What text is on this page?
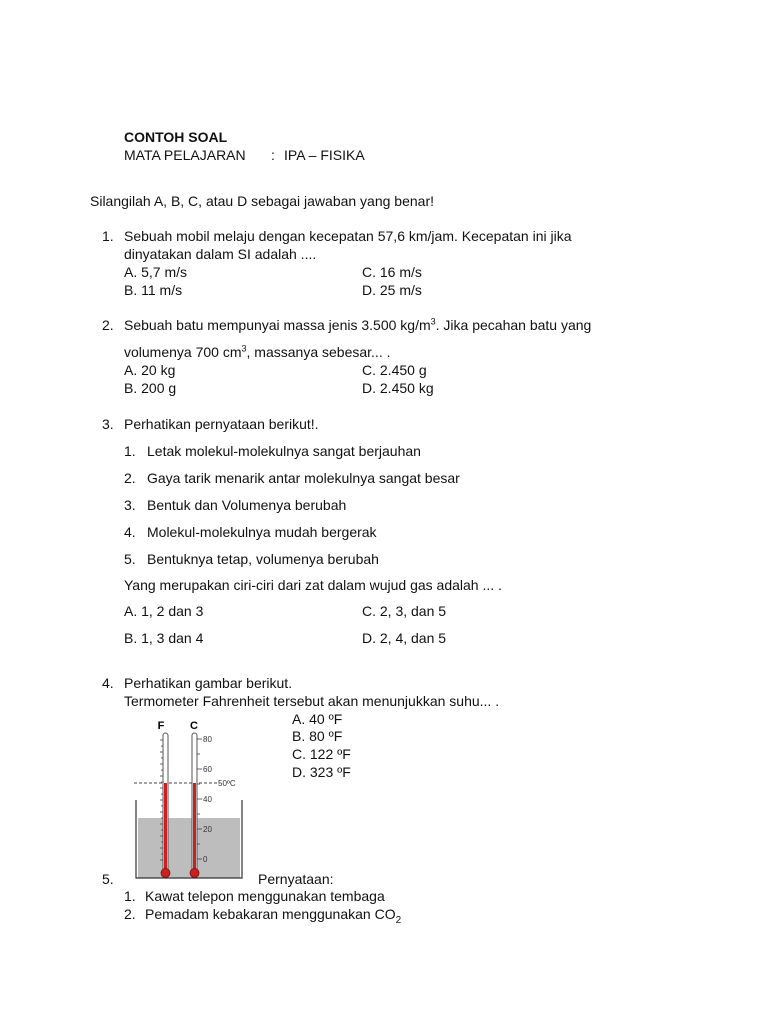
CONTOH SOAL
MATA PELAJARAN : IPA – FISIKA
Silangilah A, B, C, atau D sebagai jawaban yang benar!
1. Sebuah mobil melaju dengan kecepatan 57,6 km/jam. Kecepatan ini jika
dinyatakan dalam SI adalah ....
A. 5,7 m/s
B. 11 m/s
C. 16 m/s
D. 25 m/s
2. Sebuah batu mempunyai massa jenis 3.500 $kg/m^3$. Jika pecahan batu yang
volumenya 700 $cm^3$, massanya sebesar... .
A. 20 kg
B. 200 g
C. 2.450 g
D. 2.450 kg
3. Perhatikan pernyataan berikut!.
1. Letak molekul-molekulnya sangat berjauhan
2. Gaya tarik menarik antar molekulnya sangat besar
3. Bentuk dan Volumenya berubah
4. Molekul-molekulnya mudah bergerak
5. Bentuknya tetap, volumenya berubah
Yang merupakan ciri-ciri dari zat dalam wujud gas adalah ... .
A. 1, 2 dan 3
B. 1, 3 dan 4
C. 2, 3, dan 5
D. 2, 4, dan 5
4. Perhatikan gambar berikut.
Termometer Fahrenheit tersebut akan menunjukkan suhu... .
A. 40 ºF
B. 80 ºF
C. 122 ºF
D. 323 ºF
F C
80
60
40
20
0
50ºC
5.	Pernyataan:
1. Kawat telepon menggunakan tembaga
2. Pemadam kebakaran menggunakan $CO_2$
